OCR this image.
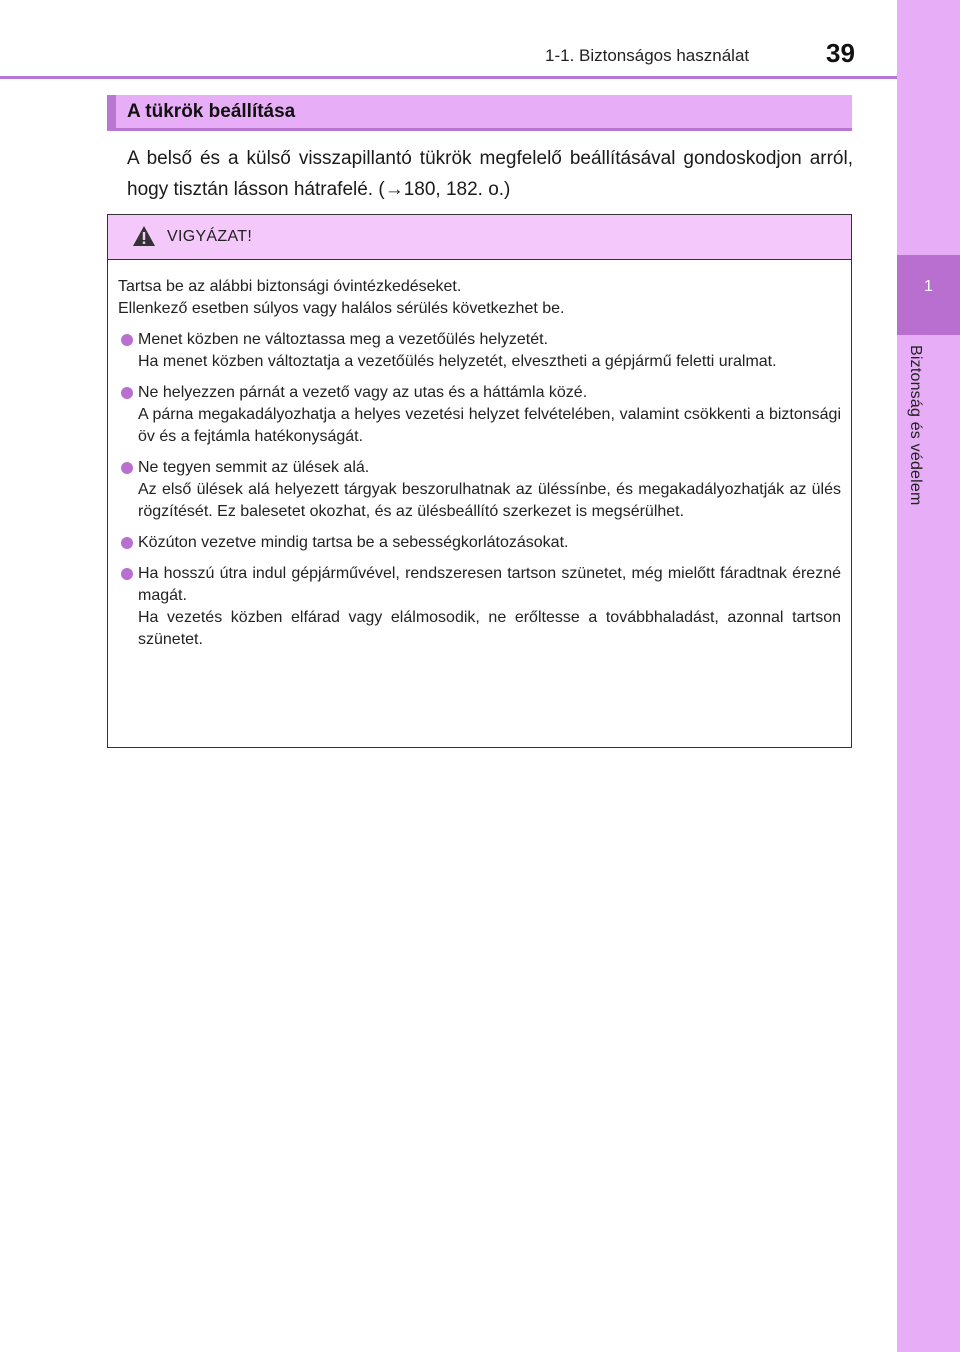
1
Biztonság és védelem
1-1. Biztonságos használat	39
A tükrök beállítása
A belső és a külső visszapillantó tükrök megfelelő beállításával gondoskodjon arról, hogy tisztán lásson hátrafelé. (→180, 182. o.)
VIGYÁZAT!

Tartsa be az alábbi biztonsági óvintézkedéseket.

Ellenkező esetben súlyos vagy halálos sérülés következhet be.

Menet közben ne változtassa meg a vezetőülés helyzetét.
Ha menet közben változtatja a vezetőülés helyzetét, elvesztheti a gépjármű feletti uralmat.
Ne helyezzen párnát a vezető vagy az utas és a háttámla közé.
A párna megakadályozhatja a helyes vezetési helyzet felvételében, valamint csökkenti a biztonsági öv és a fejtámla hatékonyságát.
Ne tegyen semmit az ülések alá.
Az első ülések alá helyezett tárgyak beszorulhatnak az üléssínbe, és megakadályozhatják az ülés rögzítését. Ez balesetet okozhat, és az ülésbeállító szerkezet is megsérülhet.
Közúton vezetve mindig tartsa be a sebességkorlátozásokat.
Ha hosszú útra indul gépjárművével, rendszeresen tartson szünetet, még mielőtt fáradtnak érezné magát.
Ha vezetés közben elfárad vagy elálmosodik, ne erőltesse a továbbhaladást, azonnal tartson szünetet.
